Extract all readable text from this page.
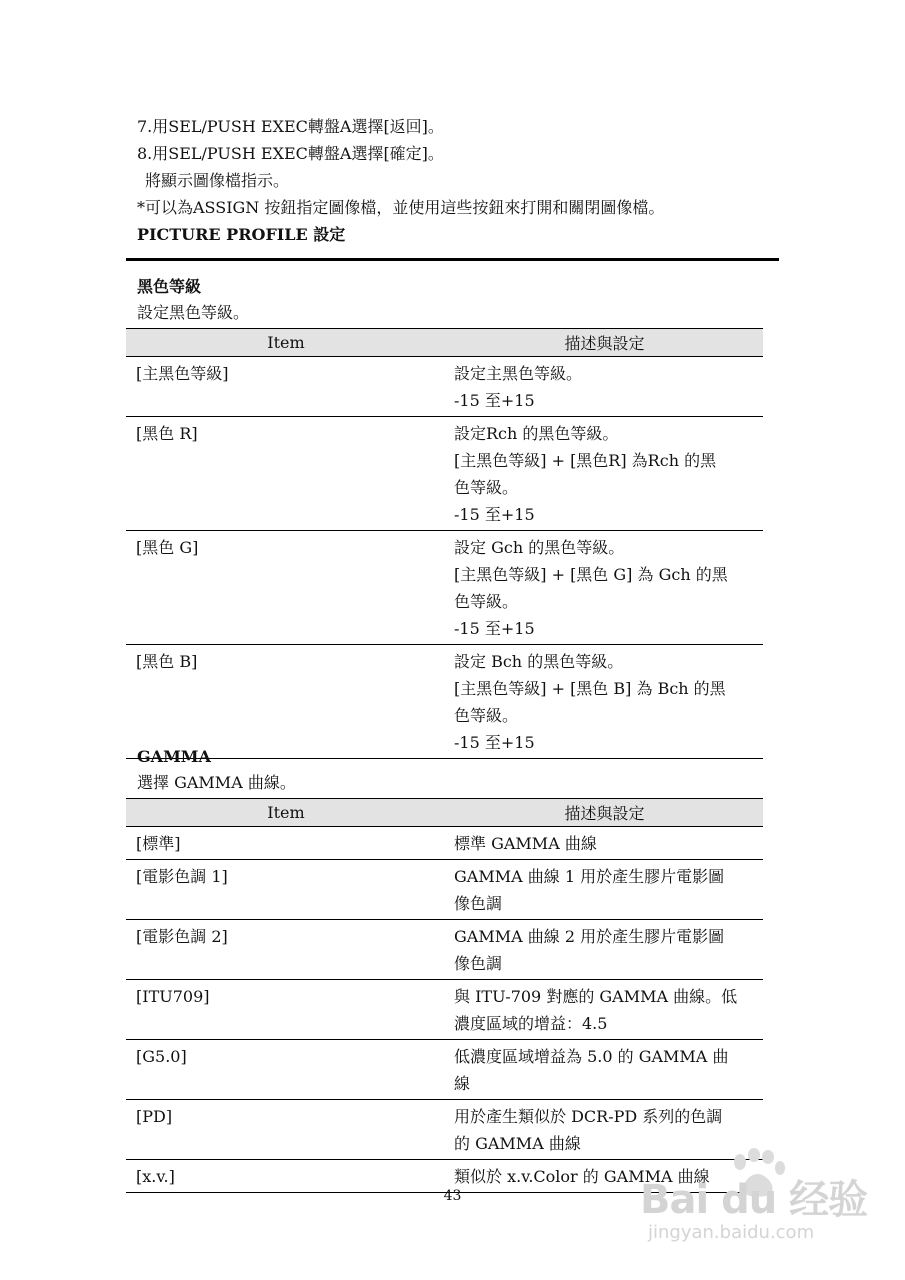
7.用SEL/PUSH EXEC轉盤A選擇[返回]。

8.用SEL/PUSH EXEC轉盤A選擇[確定]。

將顯示圖像檔指示。

*可以為ASSIGN 按鈕指定圖像檔，並使用這些按鈕來打開和關閉圖像檔。

PICTURE PROFILE 設定

黑色等級

設定黑色等級。

Item	描述與設定
[主黑色等級]	設定主黑色等級。
-15 至+15

[黑色 R]	設定Rch 的黑色等級。
[主黑色等級] + [黑色R] 為Rch 的黑
色等級。
-15 至+15

[黑色 G]	設定 Gch 的黑色等級。
[主黑色等級] + [黑色 G] 為 Gch 的黑
色等級。
-15 至+15

[黑色 B]	設定 Bch 的黑色等級。
[主黑色等級] + [黑色 B] 為 Bch 的黑
色等級。
-15 至+15
GAMMA

選擇 GAMMA 曲線。

Item	描述與設定
[標準]	標準 GAMMA 曲線

[電影色調 1]	GAMMA 曲線 1 用於產生膠片電影圖
像色調

[電影色調 2]	GAMMA 曲線 2 用於產生膠片電影圖
像色調

[ITU709]	與 ITU-709 對應的 GAMMA 曲線。低
濃度區域的增益：4.5

[G5.0]	低濃度區域增益為 5.0 的 GAMMA 曲
線

[PD]	用於產生類似於 DCR-PD 系列的色調
的 GAMMA 曲線

[x.v.]	類似於 x.v.Color 的 GAMMA 曲線
43	Bai du 经验
jingyan.baidu.com
